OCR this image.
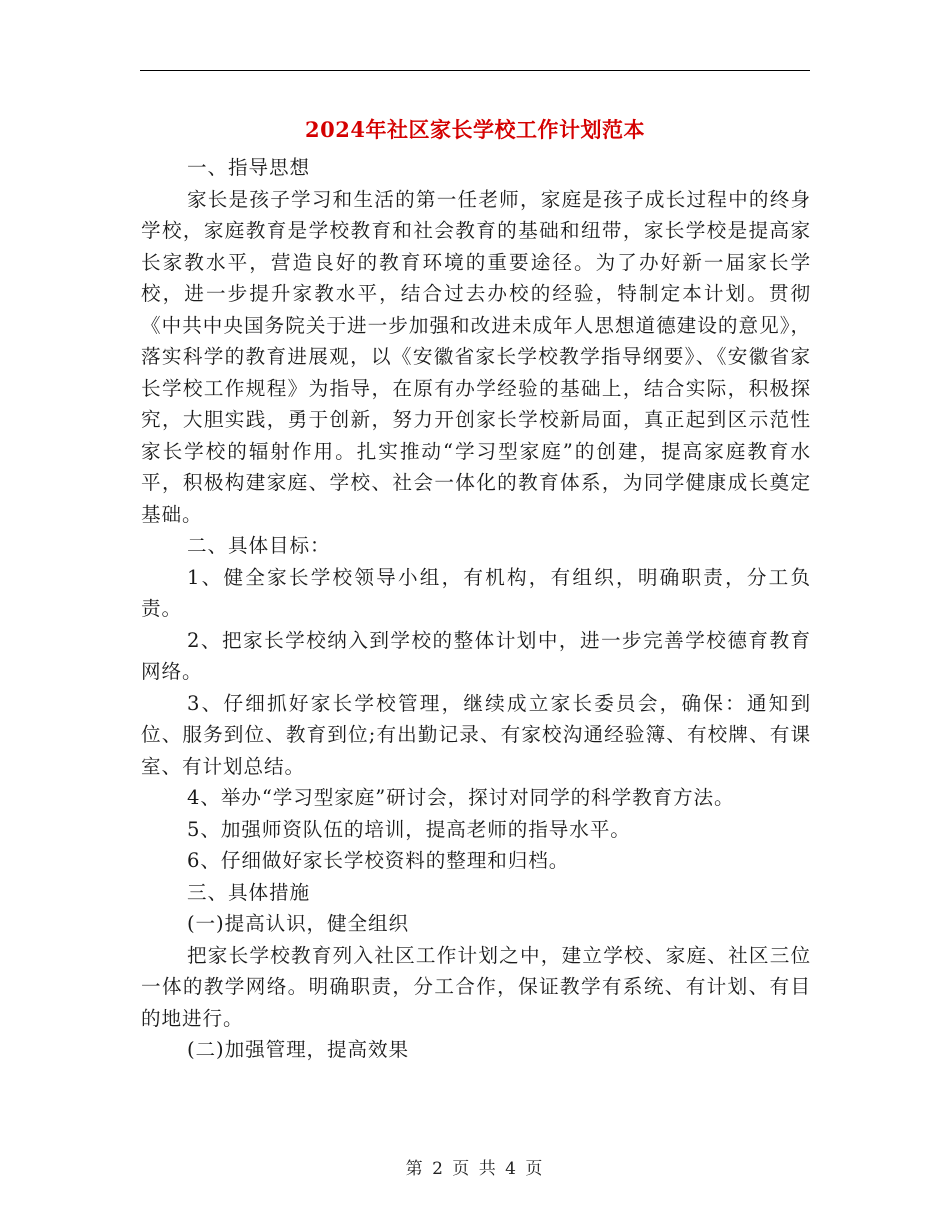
2024年社区家长学校工作计划范本

一、指导思想

家长是孩子学习和生活的第一任老师，家庭是孩子成长过程中的终身学校，家庭教育是学校教育和社会教育的基础和纽带，家长学校是提高家长家教水平，营造良好的教育环境的重要途径。为了办好新一届家长学校，进一步提升家教水平，结合过去办校的经验，特制定本计划。贯彻《中共中央国务院关于进一步加强和改进未成年人思想道德建设的意见》，落实科学的教育进展观，以《安徽省家长学校教学指导纲要》、《安徽省家长学校工作规程》为指导，在原有办学经验的基础上，结合实际，积极探究，大胆实践，勇于创新，努力开创家长学校新局面，真正起到区示范性家长学校的辐射作用。扎实推动“学习型家庭”的创建，提高家庭教育水平，积极构建家庭、学校、社会一体化的教育体系，为同学健康成长奠定基础。

二、具体目标：

1、健全家长学校领导小组，有机构，有组织，明确职责，分工负责。

2、把家长学校纳入到学校的整体计划中，进一步完善学校德育教育网络。

3、仔细抓好家长学校管理，继续成立家长委员会，确保：通知到位、服务到位、教育到位;有出勤记录、有家校沟通经验簿、有校牌、有课室、有计划总结。

4、举办“学习型家庭”研讨会，探讨对同学的科学教育方法。

5、加强师资队伍的培训，提高老师的指导水平。

6、仔细做好家长学校资料的整理和归档。

三、具体措施

(一)提高认识，健全组织

把家长学校教育列入社区工作计划之中，建立学校、家庭、社区三位一体的教学网络。明确职责，分工合作，保证教学有系统、有计划、有目的地进行。

(二)加强管理，提高效果

第 2 页 共 4 页
